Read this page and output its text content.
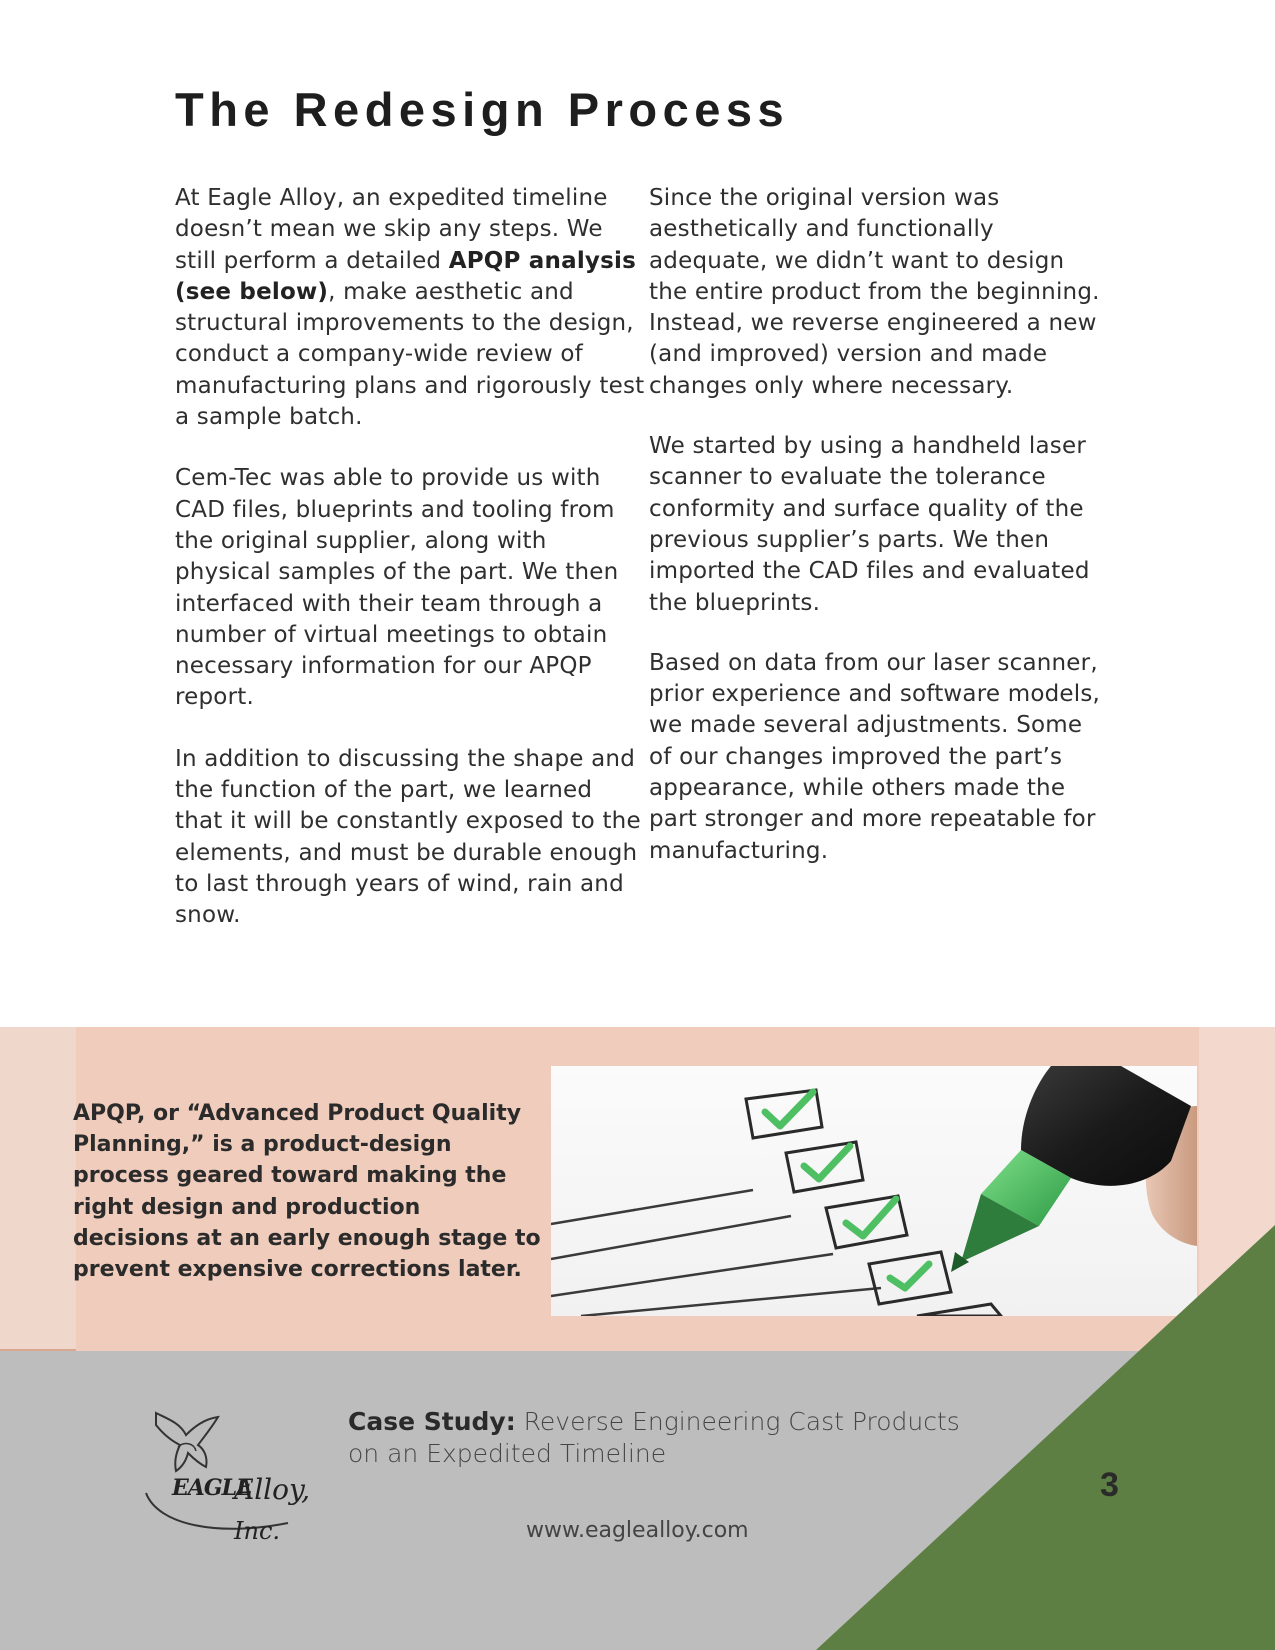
The Redesign Process

At Eagle Alloy, an expedited timeline doesn’t mean we skip any steps. We still perform a detailed APQP analysis (see below), make aesthetic and structural improvements to the design, conduct a company-wide review of manufacturing plans and rigorously test a sample batch.

Cem-Tec was able to provide us with CAD files, blueprints and tooling from the original supplier, along with physical samples of the part. We then interfaced with their team through a number of virtual meetings to obtain necessary information for our APQP report.

In addition to discussing the shape and the function of the part, we learned that it will be constantly exposed to the elements, and must be durable enough to last through years of wind, rain and snow.

Since the original version was aesthetically and functionally adequate, we didn’t want to design the entire product from the beginning. Instead, we reverse engineered a new (and improved) version and made changes only where necessary.

We started by using a handheld laser scanner to evaluate the tolerance conformity and surface quality of the previous supplier’s parts. We then imported the CAD files and evaluated the blueprints.

Based on data from our laser scanner, prior experience and software models, we made several adjustments. Some of our changes improved the part’s appearance, while others made the part stronger and more repeatable for manufacturing.

APQP, or “Advanced Product Quality Planning,” is a product-design process geared toward making the right design and production decisions at an early enough stage to prevent expensive corrections later.

EAGLE
Alloy,
Inc.

Case Study: Reverse Engineering Cast Products on an Expedited Timeline

www.eaglealloy.com
3
